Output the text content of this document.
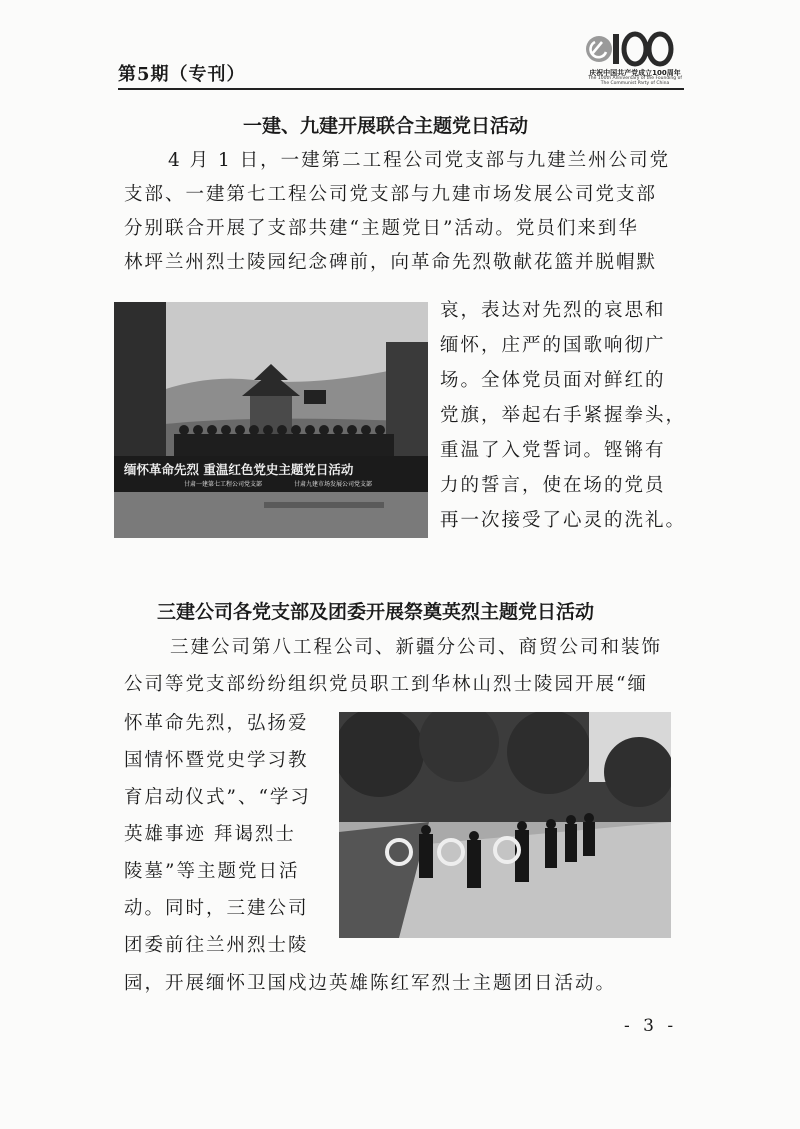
第5期（专刊）	庆祝中国共产党成立100周年
The 100th Anniversary of the Founding of The Communist Party of China
一建、九建开展联合主题党日活动
4 月 1 日，一建第二工程公司党支部与九建兰州公司党
支部、一建第七工程公司党支部与九建市场发展公司党支部
分别联合开展了支部共建“主题党日”活动。党员们来到华
林坪兰州烈士陵园纪念碑前，向革命先烈敬献花篮并脱帽默
哀，表达对先烈的哀思和
缅怀，庄严的国歌响彻广
场。全体党员面对鲜红的
党旗，举起右手紧握拳头，
重温了入党誓词。铿锵有
力的誓言，使在场的党员
再一次接受了心灵的洗礼。
缅怀革命先烈 重温红色党史主题党日活动
甘肃一建第七工程公司党支部	甘肃九建市场发展公司党支部
三建公司各党支部及团委开展祭奠英烈主题党日活动
三建公司第八工程公司、新疆分公司、商贸公司和装饰
公司等党支部纷纷组织党员职工到华林山烈士陵园开展“缅
怀革命先烈，弘扬爱
国情怀暨党史学习教
育启动仪式”、“学习
英雄事迹 拜谒烈士
陵墓”等主题党日活
动。同时，三建公司
团委前往兰州烈士陵
园，开展缅怀卫国戍边英雄陈红军烈士主题团日活动。
- 3 -
